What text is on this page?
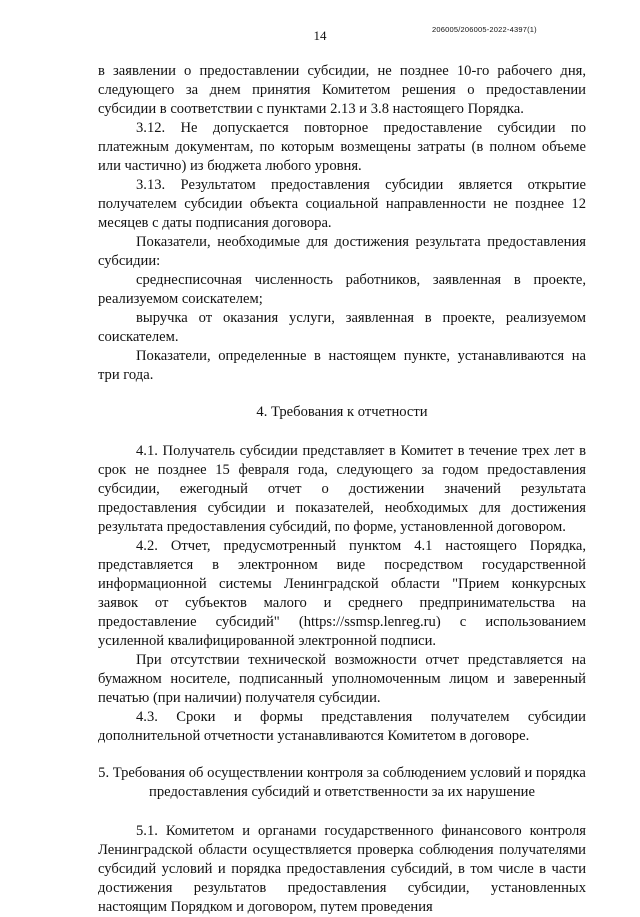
14	206005/206005-2022-4397(1)

в заявлении о предоставлении субсидии, не позднее 10-го рабочего дня, следующего за днем принятия Комитетом решения о предоставлении субсидии в соответствии с пунктами 2.13 и 3.8 настоящего Порядка.

3.12. Не допускается повторное предоставление субсидии по платежным документам, по которым возмещены затраты (в полном объеме или частично) из бюджета любого уровня.

3.13. Результатом предоставления субсидии является открытие получателем субсидии объекта социальной направленности не позднее 12 месяцев с даты подписания договора.

Показатели, необходимые для достижения результата предоставления субсидии:

среднесписочная численность работников, заявленная в проекте, реализуемом соискателем;

выручка от оказания услуги, заявленная в проекте, реализуемом соискателем.

Показатели, определенные в настоящем пункте, устанавливаются на три года.

4. Требования к отчетности

4.1. Получатель субсидии представляет в Комитет в течение трех лет в срок не позднее 15 февраля года, следующего за годом предоставления субсидии, ежегодный отчет о достижении значений результата предоставления субсидии и показателей, необходимых для достижения результата предоставления субсидий, по форме, установленной договором.

4.2. Отчет, предусмотренный пунктом 4.1 настоящего Порядка, представляется в электронном виде посредством государственной информационной системы Ленинградской области "Прием конкурсных заявок от субъектов малого и среднего предпринимательства на предоставление субсидий" (https://ssmsp.lenreg.ru) с использованием усиленной квалифицированной электронной подписи.

При отсутствии технической возможности отчет представляется на бумажном носителе, подписанный уполномоченным лицом и заверенный печатью (при наличии) получателя субсидии.

4.3. Сроки и формы представления получателем субсидии дополнительной отчетности устанавливаются Комитетом в договоре.

5. Требования об осуществлении контроля за соблюдением условий и порядка предоставления субсидий и ответственности за их нарушение

5.1. Комитетом и органами государственного финансового контроля Ленинградской области осуществляется проверка соблюдения получателями субсидий условий и порядка предоставления субсидий, в том числе в части достижения результатов предоставления субсидии, установленных настоящим Порядком и договором, путем проведения
